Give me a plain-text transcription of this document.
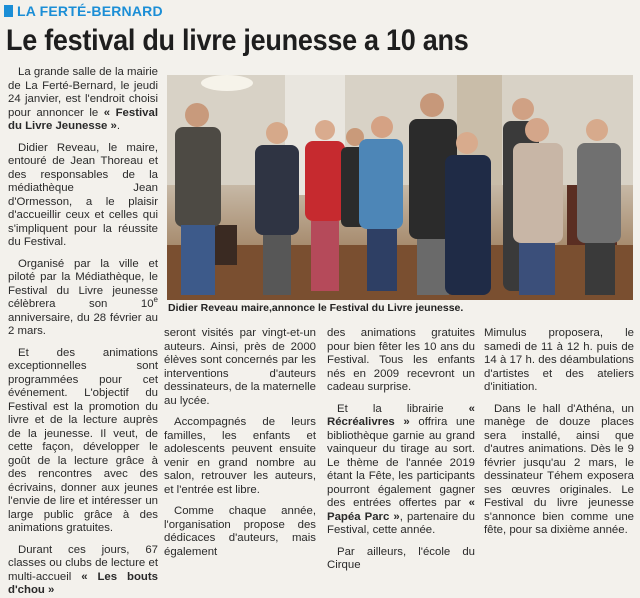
LA FERTÉ-BERNARD

Le festival du livre jeunesse a 10 ans

La grande salle de la mairie de La Ferté-Bernard, le jeudi 24 janvier, est l'endroit choisi pour annoncer le « Festival du Livre Jeunesse ».

Didier Reveau, le maire, entouré de Jean Thoreau et des responsables de la médiathèque Jean d'Ormesson, a le plaisir d'accueillir ceux et celles qui s'impliquent pour la réussite du Festival.

Organisé par la ville et piloté par la Médiathèque, le Festival du Livre jeunesse célèbrera son 10e anniversaire, du 28 février au 2 mars.

Et des animations exceptionnelles sont programmées pour cet événement. L'objectif du Festival est la promotion du livre et de la lecture auprès de la jeunesse. Il veut, de cette façon, développer le goût de la lecture grâce à des rencontres avec des écrivains, donner aux jeunes l'envie de lire et intéresser un large public grâce à des animations gratuites.

Durant ces jours, 67 classes ou clubs de lecture et multi-accueil « Les bouts d'chou »

Didier Reveau maire,annonce le Festival du Livre jeunesse.

seront visités par vingt-et-un auteurs. Ainsi, près de 2000 élèves sont concernés par les interventions d'auteurs dessinateurs, de la maternelle au lycée.

Accompagnés de leurs familles, les enfants et adolescents peuvent ensuite venir en grand nombre au salon, retrouver les auteurs, et l'entrée est libre.

Comme chaque année, l'organisation propose des dédicaces d'auteurs, mais également

des animations gratuites pour bien fêter les 10 ans du Festival. Tous les enfants nés en 2009 recevront un cadeau surprise.

Et la librairie « Récréalivres » offrira une bibliothèque garnie au grand vainqueur du tirage au sort. Le thème de l'année 2019 étant la Fête, les participants pourront également gagner des entrées offertes par « Papéa Parc », partenaire du Festival, cette année.

Par ailleurs, l'école du Cirque

Mimulus proposera, le samedi de 11 à 12 h. puis de 14 à 17 h. des déambulations d'artistes et des ateliers d'initiation.

Dans le hall d'Athéna, un manège de douze places sera installé, ainsi que d'autres animations. Dès le 9 février jusqu'au 2 mars, le dessinateur Téhem exposera ses œuvres originales. Le Festival du livre jeunesse s'annonce bien comme une fête, pour sa dixième année.
